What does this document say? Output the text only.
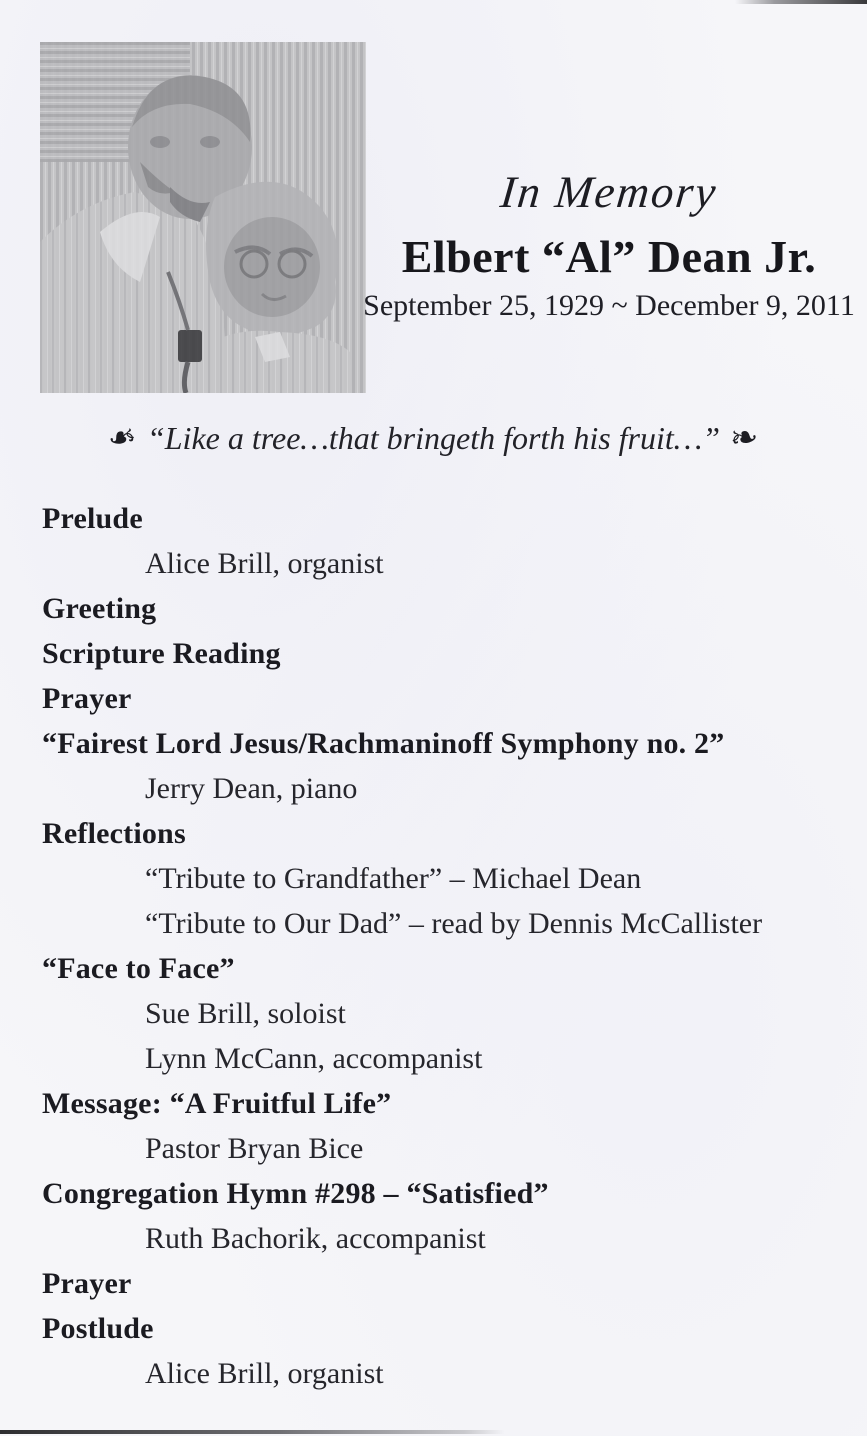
In Memory
Elbert “Al” Dean Jr.
September 25, 1929 ~ December 9, 2011
❧ “Like a tree…that bringeth forth his fruit…” ❧
Prelude
Alice Brill, organist
Greeting
Scripture Reading
Prayer
“Fairest Lord Jesus/Rachmaninoff Symphony no. 2”
Jerry Dean, piano
Reflections
“Tribute to Grandfather” – Michael Dean
“Tribute to Our Dad” – read by Dennis McCallister
“Face to Face”
Sue Brill, soloist
Lynn McCann, accompanist
Message: “A Fruitful Life”
Pastor Bryan Bice
Congregation Hymn #298 – “Satisfied”
Ruth Bachorik, accompanist
Prayer
Postlude
Alice Brill, organist
